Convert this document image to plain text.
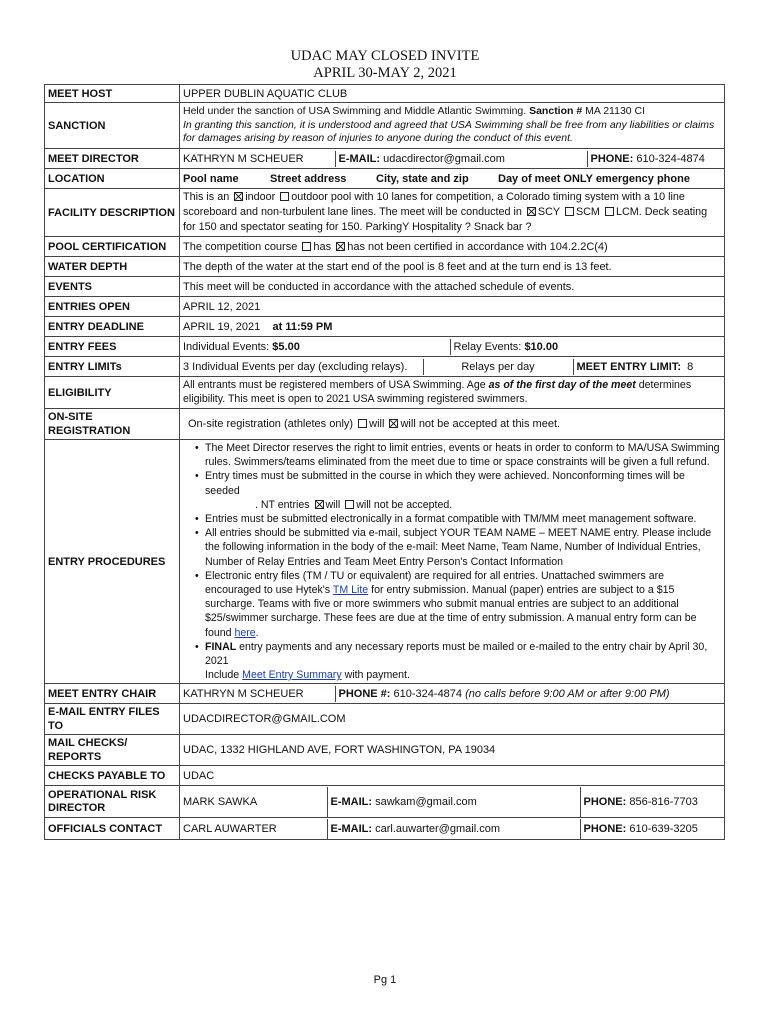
UDAC MAY CLOSED INVITE
APRIL 30-MAY 2, 2021
MEET HOST	UPPER DUBLIN AQUATIC CLUB
SANCTION	Held under the sanction of USA Swimming and Middle Atlantic Swimming. Sanction # MA 21130 CI
In granting this sanction, it is understood and agreed that USA Swimming shall be free from any liabilities or claims for damages arising by reason of injuries to anyone during the conduct of this event.
MEET DIRECTOR		KATHRYN M SCHEUER	E-MAIL: udacdirector@gmail.com	PHONE: 610-324-4874

LOCATION		Pool name	Street address	City, state and zip	Day of meet ONLY emergency phone

FACILITY DESCRIPTION	This is an indoor outdoor pool with 10 lanes for competition, a Colorado timing system with a 10 line scoreboard and non-turbulent lane lines. The meet will be conducted in SCY SCM LCM. Deck seating for 150 and spectator seating for 150. ParkingY Hospitality ? Snack bar ?
POOL CERTIFICATION	The competition course has has not been certified in accordance with 104.2.2C(4)
WATER DEPTH	The depth of the water at the start end of the pool is 8 feet and at the turn end is 13 feet.
EVENTS	This meet will be conducted in accordance with the attached schedule of events.
ENTRIES OPEN	APRIL 12, 2021
ENTRY DEADLINE	APRIL 19, 2021 at 11:59 PM
ENTRY FEES		Individual Events: $5.00	Relay Events: $10.00

ENTRY LIMITs		3 Individual Events per day (excluding relays).	Relays per day	MEET ENTRY LIMIT: 8

ELIGIBILITY	All entrants must be registered members of USA Swimming. Age as of the first day of the meet determines eligibility. This meet is open to 2021 USA swimming registered swimmers.
ON-SITE REGISTRATION	On-site registration (athletes only) will will not be accepted at this meet.
ENTRY PROCEDURES	
• The Meet Director reserves the right to limit entries, events or heats in order to conform to MA/USA Swimming rules. Swimmers/teams eliminated from the meet due to time or space constraints will be given a full refund.
• Entry times must be submitted in the course in which they were achieved. Nonconforming times will be seeded
. NT entries will will not be accepted.
• Entries must be submitted electronically in a format compatible with TM/MM meet management software.
• All entries should be submitted via e-mail, subject YOUR TEAM NAME – MEET NAME entry. Please include the following information in the body of the e-mail: Meet Name, Team Name, Number of Individual Entries, Number of Relay Entries and Team Meet Entry Person's Contact Information
• Electronic entry files (TM / TU or equivalent) are required for all entries. Unattached swimmers are encouraged to use Hytek's TM Lite for entry submission. Manual (paper) entries are subject to a $15 surcharge. Teams with five or more swimmers who submit manual entries are subject to an additional $25/swimmer surcharge. These fees are due at the time of entry submission. A manual entry form can be found here.
• FINAL entry payments and any necessary reports must be mailed or e-mailed to the entry chair by April 30, 2021
Include Meet Entry Summary with payment.

MEET ENTRY CHAIR	KATHRYN M SCHEUER	PHONE #: 610-324-4874 (no calls before 9:00 AM or after 9:00 PM)

E-MAIL ENTRY FILES TO	UDACDIRECTOR@GMAIL.COM
MAIL CHECKS/ REPORTS	UDAC, 1332 HIGHLAND AVE, FORT WASHINGTON, PA 19034
CHECKS PAYABLE TO	UDAC
OPERATIONAL RISK DIRECTOR		MARK SAWKA	E-MAIL: sawkam@gmail.com	PHONE: 856-816-7703

OFFICIALS CONTACT	CARL AUWARTER	E-MAIL: carl.auwarter@gmail.com	PHONE: 610-639-3205
Pg 1
